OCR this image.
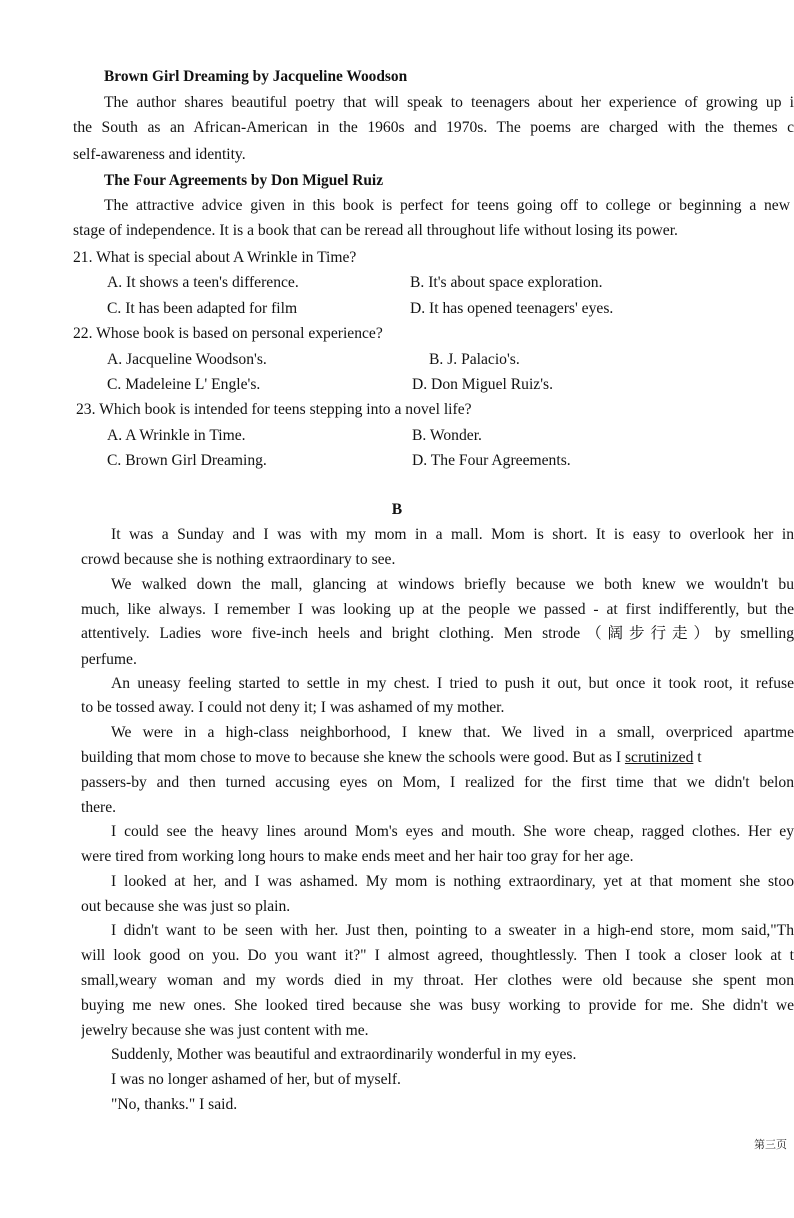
Brown Girl Dreaming by Jacqueline Woodson
The author shares beautiful poetry that will speak to teenagers about her experience of growing up i
the South as an African-American in the 1960s and 1970s. The poems are charged with the themes c
self-awareness and identity.
The Four Agreements by Don Miguel Ruiz
The attractive advice given in this book is perfect for teens going off to college or beginning a new
stage of independence. It is a book that can be reread all throughout life without losing its power.
21. What is special about A Wrinkle in Time?
A. It shows a teen's difference.	B. It's about space exploration.
C. It has been adapted for film	D. It has opened teenagers' eyes.
22. Whose book is based on personal experience?
A. Jacqueline Woodson's.	B. J. Palacio's.
C. Madeleine L' Engle's.	D. Don Miguel Ruiz's.
23. Which book is intended for teens stepping into a novel life?
A. A Wrinkle in Time.	B. Wonder.
C. Brown Girl Dreaming.	D. The Four Agreements.
B
It was a Sunday and I was with my mom in a mall. Mom is short. It is easy to overlook her in
crowd because she is nothing extraordinary to see.
We walked down the mall, glancing at windows briefly because we both knew we wouldn't bu
much, like always. I remember I was looking up at the people we passed - at first indifferently, but the
attentively. Ladies wore five-inch heels and bright clothing. Men strode（阔步行走）by smelling
perfume.
An uneasy feeling started to settle in my chest. I tried to push it out, but once it took root, it refuse
to be tossed away. I could not deny it; I was ashamed of my mother.
We were in a high-class neighborhood, I knew that. We lived in a small, overpriced apartme
building that mom chose to move to because she knew the schools were good. But as I scrutinized t
passers-by and then turned accusing eyes on Mom, I realized for the first time that we didn't belon
there.
I could see the heavy lines around Mom's eyes and mouth. She wore cheap, ragged clothes. Her ey
were tired from working long hours to make ends meet and her hair too gray for her age.
I looked at her, and I was ashamed. My mom is nothing extraordinary, yet at that moment she stoo
out because she was just so plain.
I didn't want to be seen with her. Just then, pointing to a sweater in a high-end store, mom said,"Th
will look good on you. Do you want it?" I almost agreed, thoughtlessly. Then I took a closer look at t
small,weary woman and my words died in my throat. Her clothes were old because she spent mon
buying me new ones. She looked tired because she was busy working to provide for me. She didn't we
jewelry because she was just content with me.
Suddenly, Mother was beautiful and extraordinarily wonderful in my eyes.
I was no longer ashamed of her, but of myself.
"No, thanks." I said.
第三页
